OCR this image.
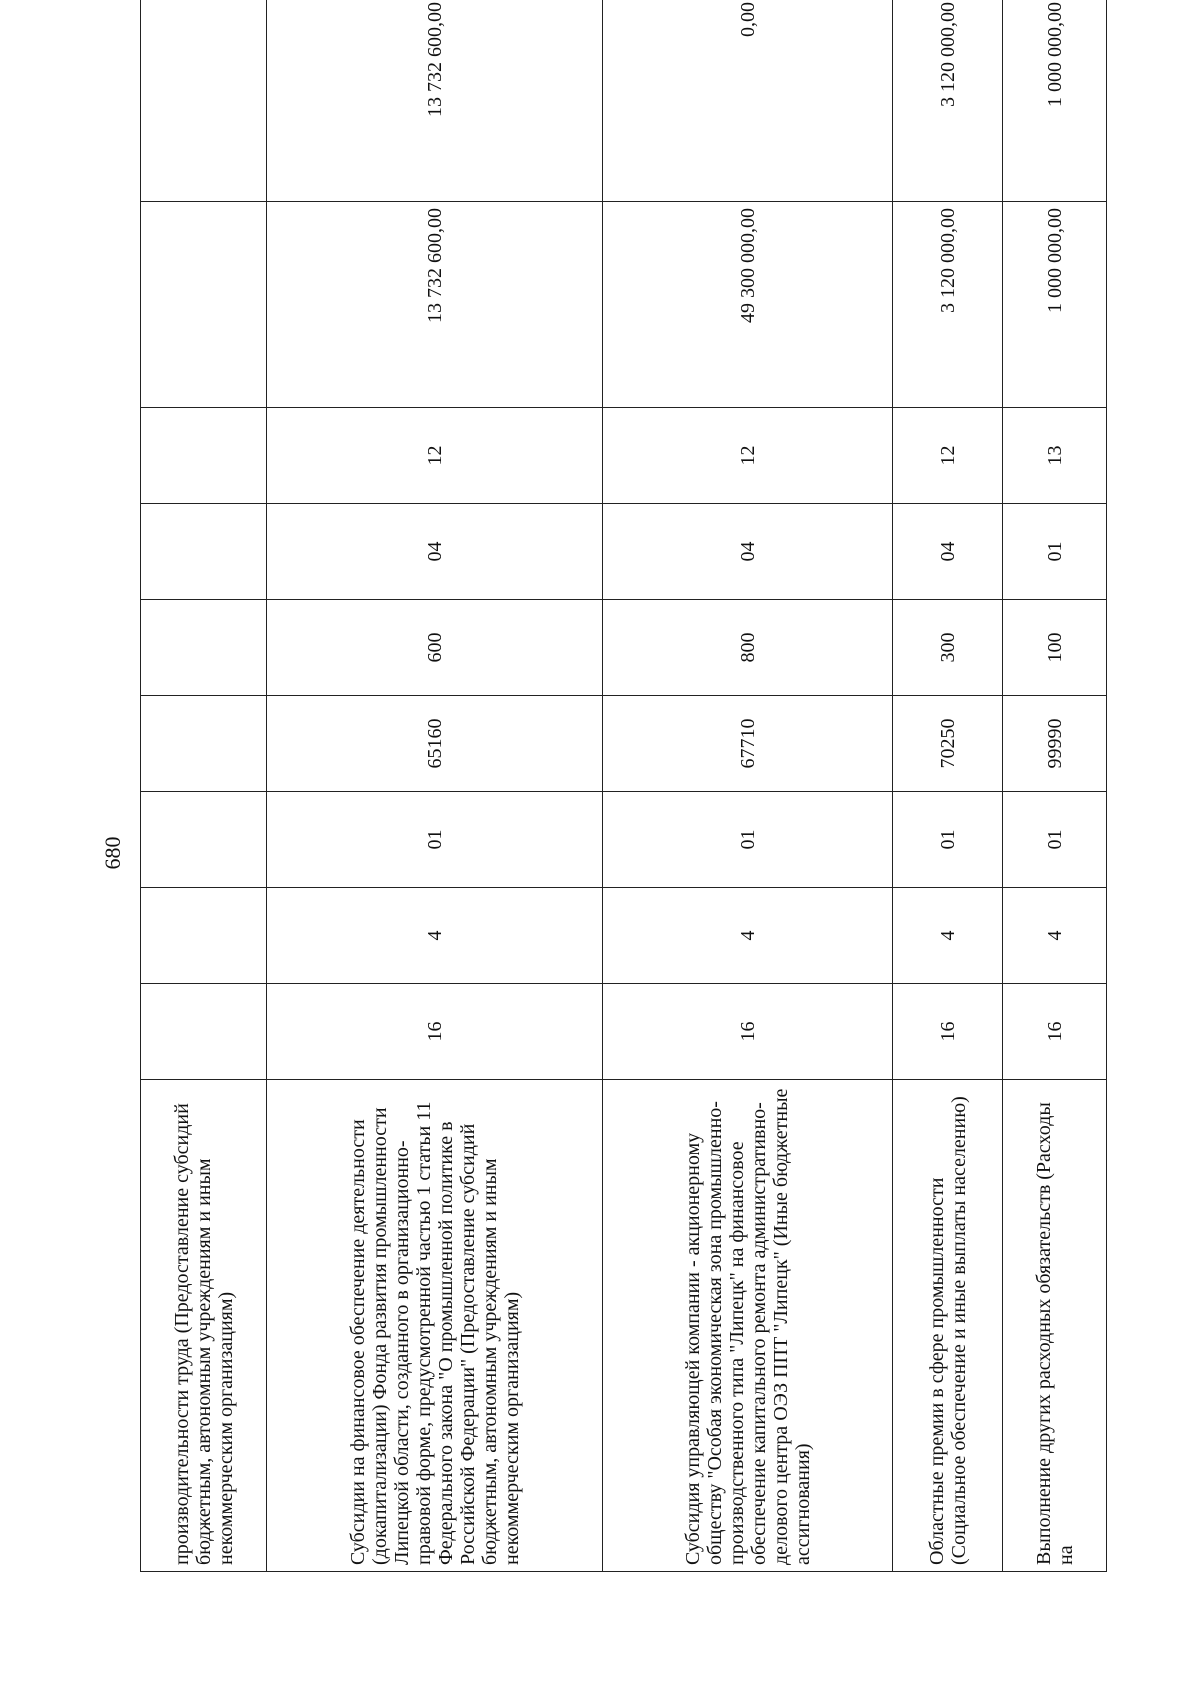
680
производительности труда (Предоставление субсидий бюджетным, автономным учреждениям и иным некоммерческим организациям)										
Субсидии на финансовое обеспечение деятельности (докапитализации) Фонда развития промышленности Липецкой области, созданного в организационно-правовой форме, предусмотренной частью 1 статьи 11 Федерального закона "О промышленной политике в Российской Федерации" (Предоставление субсидий бюджетным, автономным учреждениям и иным некоммерческим организациям)	16	4	01	65160	600	04	12	13 732 600,00	13 732 600,00	
Субсидия управляющей компании - акционерному обществу "Особая экономическая зона промышленно-производственного типа "Липецк" на финансовое обеспечение капитального ремонта административно-делового центра ОЭЗ ППТ "Липецк" (Иные бюджетные ассигнования)	16	4	01	67710	800	04	12	49 300 000,00	0,00	
Областные премии в сфере промышленности (Социальное обеспечение и иные выплаты населению)	16	4	01	70250	300	04	12	3 120 000,00	3 120 000,00	
Выполнение других расходных обязательств (Расходы на	16	4	01	99990	100	01	13	1 000 000,00	1 000 000,00	
